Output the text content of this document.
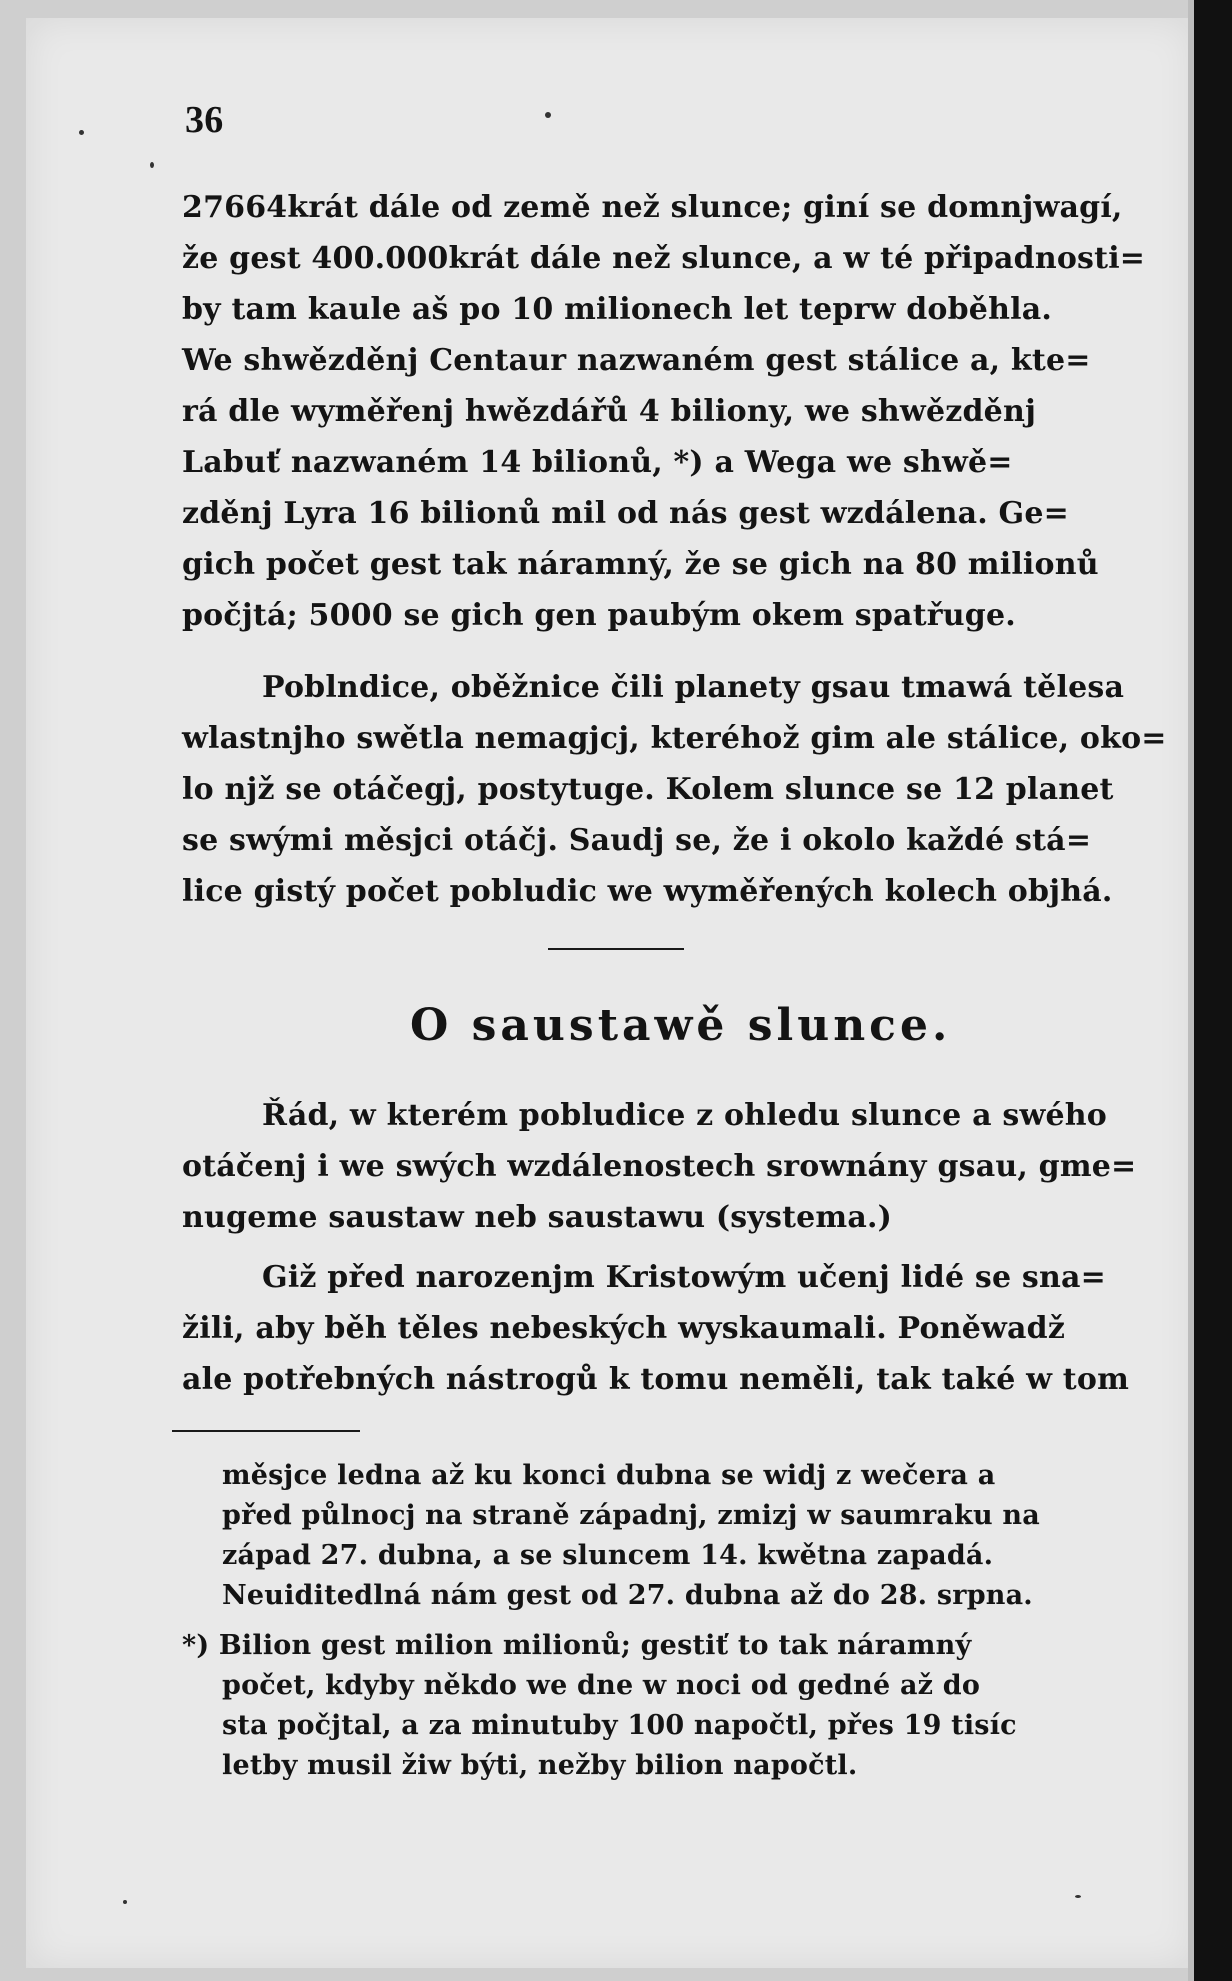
36
27664krát dále od země než slunce; giní se domnjwagí,
že gest 400.000krát dále než slunce, a w té připadnosti=
by tam kaule aš po 10 milionech let teprw doběhla.
We shwězděnj Centaur nazwaném gest stálice a, kte=
rá dle wyměřenj hwězdářů 4 biliony, we shwězděnj
Labuť nazwaném 14 bilionů, *) a Wega we shwě=
zděnj Lyra 16 bilionů mil od nás gest wzdálena. Ge=
gich počet gest tak náramný, že se gich na 80 milionů
počjtá; 5000 se gich gen paubým okem spatřuge.
Poblndice, oběžnice čili planety gsau tmawá tělesa
wlastnjho swětla nemagjcj, kteréhož gim ale stálice, oko=
lo njž se otáčegj, postytuge. Kolem slunce se 12 planet
se swými měsjci otáčj. Saudj se, že i okolo každé stá=
lice gistý počet pobludic we wyměřených kolech objhá.
O saustawě slunce.
Řád, w kterém pobludice z ohledu slunce a swého
otáčenj i we swých wzdálenostech srownány gsau, gme=
nugeme saustaw neb saustawu (systema.)
Giž před narozenjm Kristowým učenj lidé se sna=
žili, aby běh těles nebeských wyskaumali. Poněwadž
ale potřebných nástrogů k tomu neměli, tak také w tom
měsjce ledna až ku konci dubna se widj z wečera a
před půlnocj na straně západnj, zmizj w saumraku na
západ 27. dubna, a se sluncem 14. kwětna zapadá.
Neuiditedlná nám gest od 27. dubna až do 28. srpna.
*) Bilion gest milion milionů; gestiť to tak náramný
počet, kdyby někdo we dne w noci od gedné až do
sta počjtal, a za minutuby 100 napočtl, přes 19 tisíc
letby musil žiw býti, nežby bilion napočtl.
